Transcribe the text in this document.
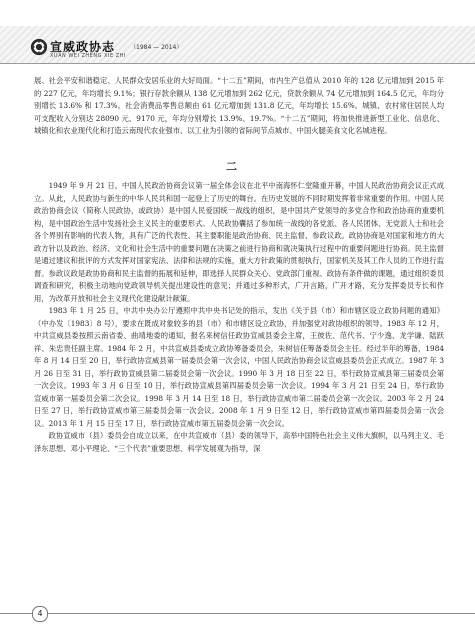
宣威政协志 （1984 — 2014）
XUAN WEI ZHENG XIE ZHI

展、社会平安和谐稳定、人民群众安居乐业的大好局面。“十二五”期间，市内生产总值从 2010 年的 128 亿元增加到 2015 年的 227 亿元，年均增长 9.1%；银行存款余额从 138 亿元增加到 262 亿元，贷款余额从 74 亿元增加到 164.5 亿元，年均分别增长 13.6% 和 17.3%。社会消费品零售总额由 61 亿元增加到 131.8 亿元，年均增长 15.6%。城镇、农村常住居民人均可支配收入分别达 28090 元、9170 元，年均分别增长 13.9%、19.7%。“十二五”期间，将加快推进新型工业化、信息化、城镇化和农业现代化和打造云南现代农业强市、以工业为引领的省际间节点城市、中国火腿美食文化名城进程。

二

1949 年 9 月 21 日，中国人民政治协商会议第一届全体会议在北平中南海怀仁堂隆重开幕，中国人民政治协商会议正式成立。从此，人民政协与新生的中华人民共和国一起登上了历史的舞台。在历史发展的不同时期发挥着非常重要的作用。中国人民政治协商会议（简称人民政协，或政协）是中国人民爱国统一战线的组织，是中国共产党领导的多党合作和政治协商的重要机构，是中国政治生活中发扬社会主义民主的重要形式。人民政协囊括了参加统一战线的各党派、各人民团体、无党派人士和社会各个界别有影响的代表人物，具有广泛的代表性、其主要职能是政治协商、民主监督、参政议政。政协协商是对国家和地方的大政方针以及政治、经济、文化和社会生活中的重要问题在决策之前进行协商和就决策执行过程中的重要问题进行协商。民主监督是通过建议和批评的方式发挥对国家宪法、法律和法规的实施，重大方针政策的贯彻执行，国家机关及其工作人员的工作进行监督。参政议政是政协协商和民主监督的拓展和延伸，即选择人民群众关心、党政部门重视、政协有条件做的课题，通过组织委员调查和研究，积极主动地向党政领导机关提出建设性的意见；并通过多种形式，广开言路，广开才路，充分发挥委员专长和作用，为改革开放和社会主义现代化建设献计献策。

1983 年 1 月 25 日，中共中央办公厅遵照中共中央书记处的指示，发出《关于县（市）和市辖区设立政协问题的通知》（中办发〔1983〕8 号），要求在既成对象较多的县（市）和市辖区设立政协，并加强党对政协组织的领导。1983 年 12 月，中共宣威县委按照云南省委、曲靖地委的通知，报名来树信任政协宣威县委会主席，王彼佐、范代书、宁少逸、龙学谦、陆跃祥、朱忠贵任副主席。1984 年 2 月，中共宣威县委成立政协筹备委员会，朱树信任筹备委员会主任。经过半年的筹备，1984 年 8 月 14 日至 20 日，举行政协宣威县第一届委员会第一次会议，中国人民政治协商会议宣威县委员会正式成立。1987 年 3 月 26 日至 31 日，举行政协宣威县第二届委员会第一次会议。1990 年 3 月 18 日至 22 日，举行政协宣威县第三届委员会第一次会议。1993 年 3 月 6 日至 10 日，举行政协宣威县第四届委员会第一次会议。1994 年 3 月 21 日至 24 日，举行政协宣威市第一届委员会第二次会议。1998 年 3 月 14 日至 18 日，举行政协宣威市第二届委员会第一次会议。2003 年 2 月 24 日至 27 日，举行政协宣威市第三届委员会第一次会议。2008 年 1 月 9 日至 12 日，举行政协宣威市第四届委员会第一次会议。2013 年 1 月 15 日至 17 日，举行政协宣威市第五届委员会第一次会议。

政协宣威市（县）委员会自成立以来，在中共宣威市（县）委的领导下，高举中国特色社会主义伟大旗帜，以马列主义、毛泽东思想、邓小平理论、“三个代表”重要思想、科学发展观为指导，深

4
